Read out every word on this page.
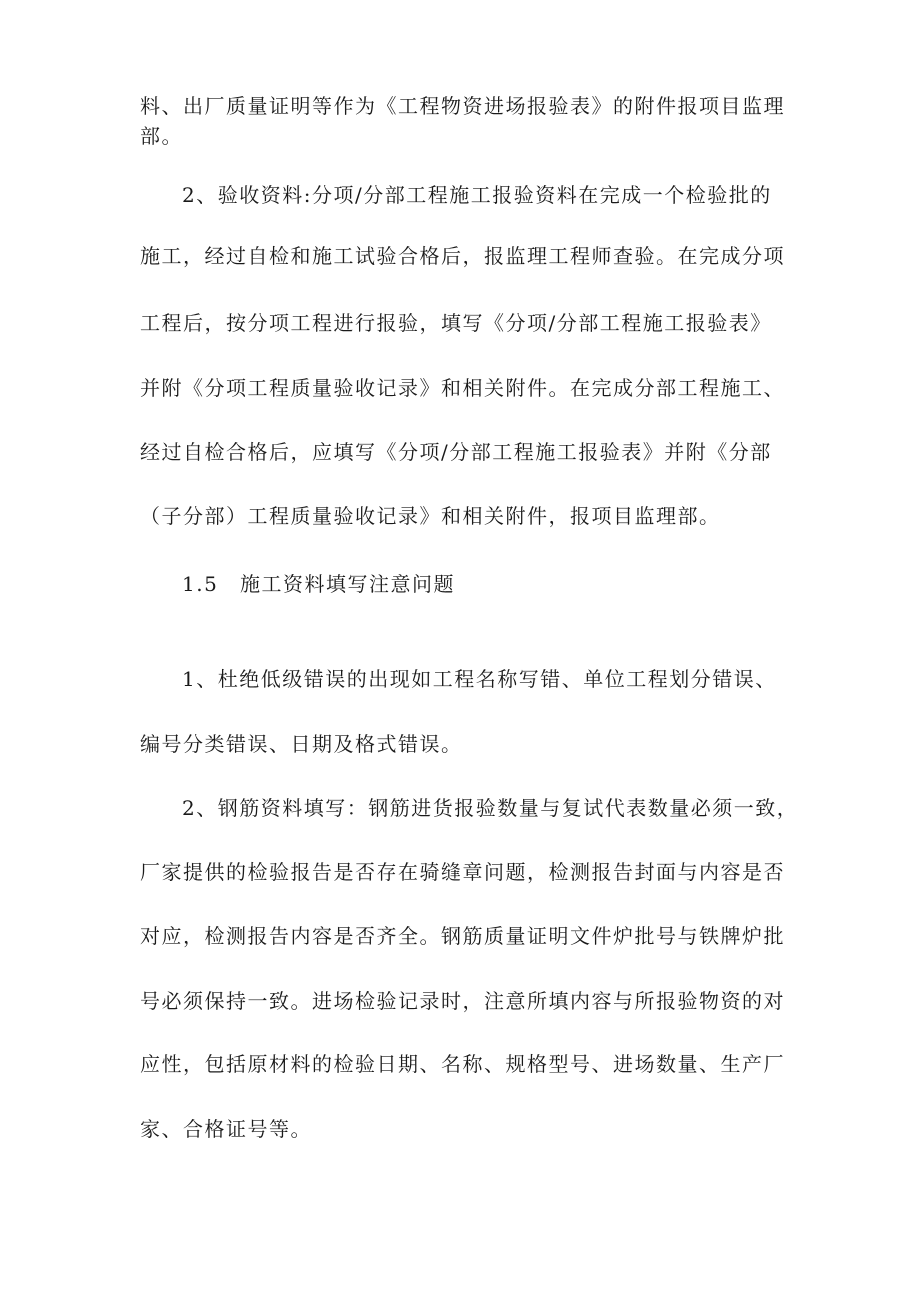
料、出厂质量证明等作为《工程物资进场报验表》的附件报项目监理
部。
2、验收资料:分项/分部工程施工报验资料在完成一个检验批的
施工，经过自检和施工试验合格后，报监理工程师查验。在完成分项
工程后，按分项工程进行报验，填写《分项/分部工程施工报验表》
并附《分项工程质量验收记录》和相关附件。在完成分部工程施工、
经过自检合格后，应填写《分项/分部工程施工报验表》并附《分部
（子分部）工程质量验收记录》和相关附件，报项目监理部。
1.5 施工资料填写注意问题
1、杜绝低级错误的出现如工程名称写错、单位工程划分错误、
编号分类错误、日期及格式错误。
2、钢筋资料填写：钢筋进货报验数量与复试代表数量必须一致，
厂家提供的检验报告是否存在骑缝章问题，检测报告封面与内容是否
对应，检测报告内容是否齐全。钢筋质量证明文件炉批号与铁牌炉批
号必须保持一致。进场检验记录时，注意所填内容与所报验物资的对
应性，包括原材料的检验日期、名称、规格型号、进场数量、生产厂
家、合格证号等。
